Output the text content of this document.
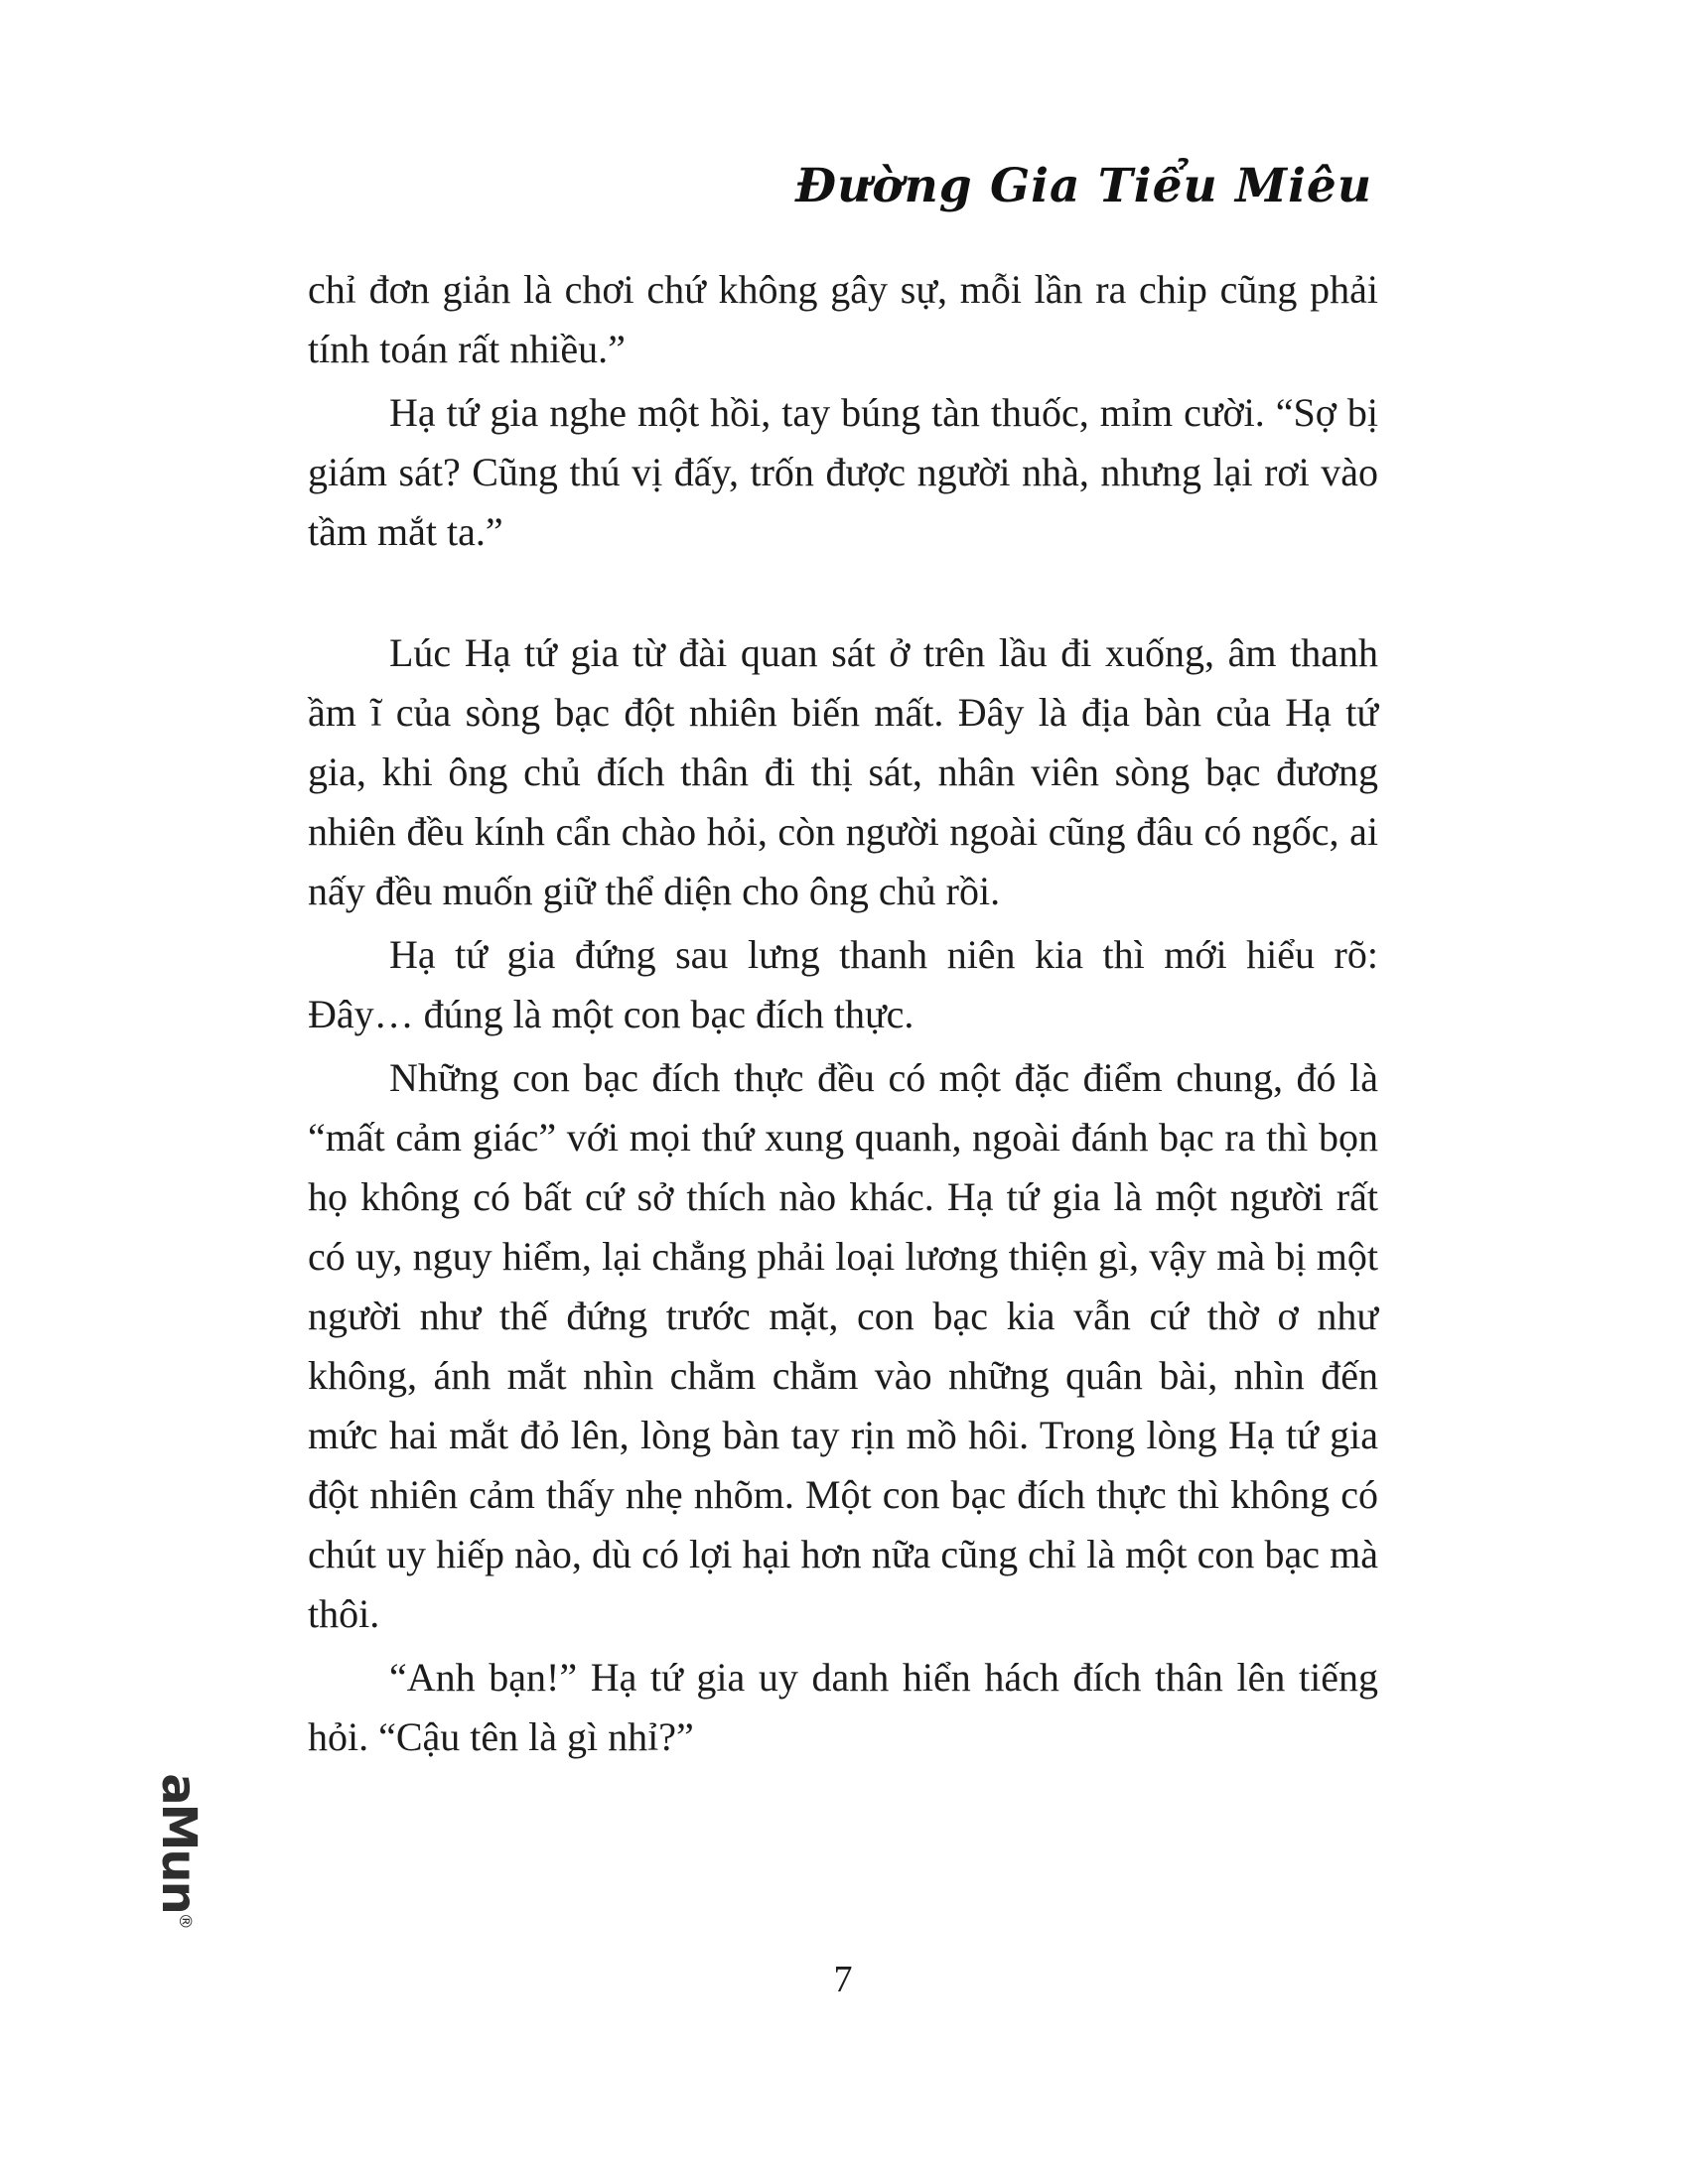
Đường Gia Tiểu Miêu

chỉ đơn giản là chơi chứ không gây sự, mỗi lần ra chip cũng phải tính toán rất nhiều.”

Hạ tứ gia nghe một hồi, tay búng tàn thuốc, mỉm cười. “Sợ bị giám sát? Cũng thú vị đấy, trốn được người nhà, nhưng lại rơi vào tầm mắt ta.”

Lúc Hạ tứ gia từ đài quan sát ở trên lầu đi xuống, âm thanh ầm ĩ của sòng bạc đột nhiên biến mất. Đây là địa bàn của Hạ tứ gia, khi ông chủ đích thân đi thị sát, nhân viên sòng bạc đương nhiên đều kính cẩn chào hỏi, còn người ngoài cũng đâu có ngốc, ai nấy đều muốn giữ thể diện cho ông chủ rồi.

Hạ tứ gia đứng sau lưng thanh niên kia thì mới hiểu rõ: Đây… đúng là một con bạc đích thực.

Những con bạc đích thực đều có một đặc điểm chung, đó là “mất cảm giác” với mọi thứ xung quanh, ngoài đánh bạc ra thì bọn họ không có bất cứ sở thích nào khác. Hạ tứ gia là một người rất có uy, nguy hiểm, lại chẳng phải loại lương thiện gì, vậy mà bị một người như thế đứng trước mặt, con bạc kia vẫn cứ thờ ơ như không, ánh mắt nhìn chằm chằm vào những quân bài, nhìn đến mức hai mắt đỏ lên, lòng bàn tay rịn mồ hôi. Trong lòng Hạ tứ gia đột nhiên cảm thấy nhẹ nhõm. Một con bạc đích thực thì không có chút uy hiếp nào, dù có lợi hại hơn nữa cũng chỉ là một con bạc mà thôi.

“Anh bạn!” Hạ tứ gia uy danh hiển hách đích thân lên tiếng hỏi. “Cậu tên là gì nhỉ?”

aMun®
7
